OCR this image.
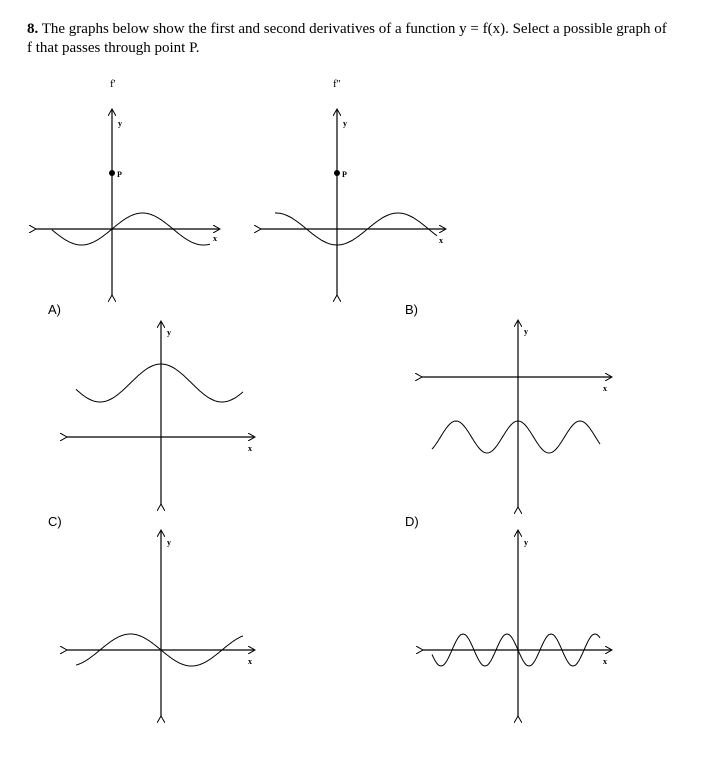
8. The graphs below show the first and second derivatives of a function y = f(x). Select a possible graph of f that passes through point P.
f'	f''
A)	B)
C)	D)
P
y
x
P
y
x
y
x
y
x
y
x
y
x
